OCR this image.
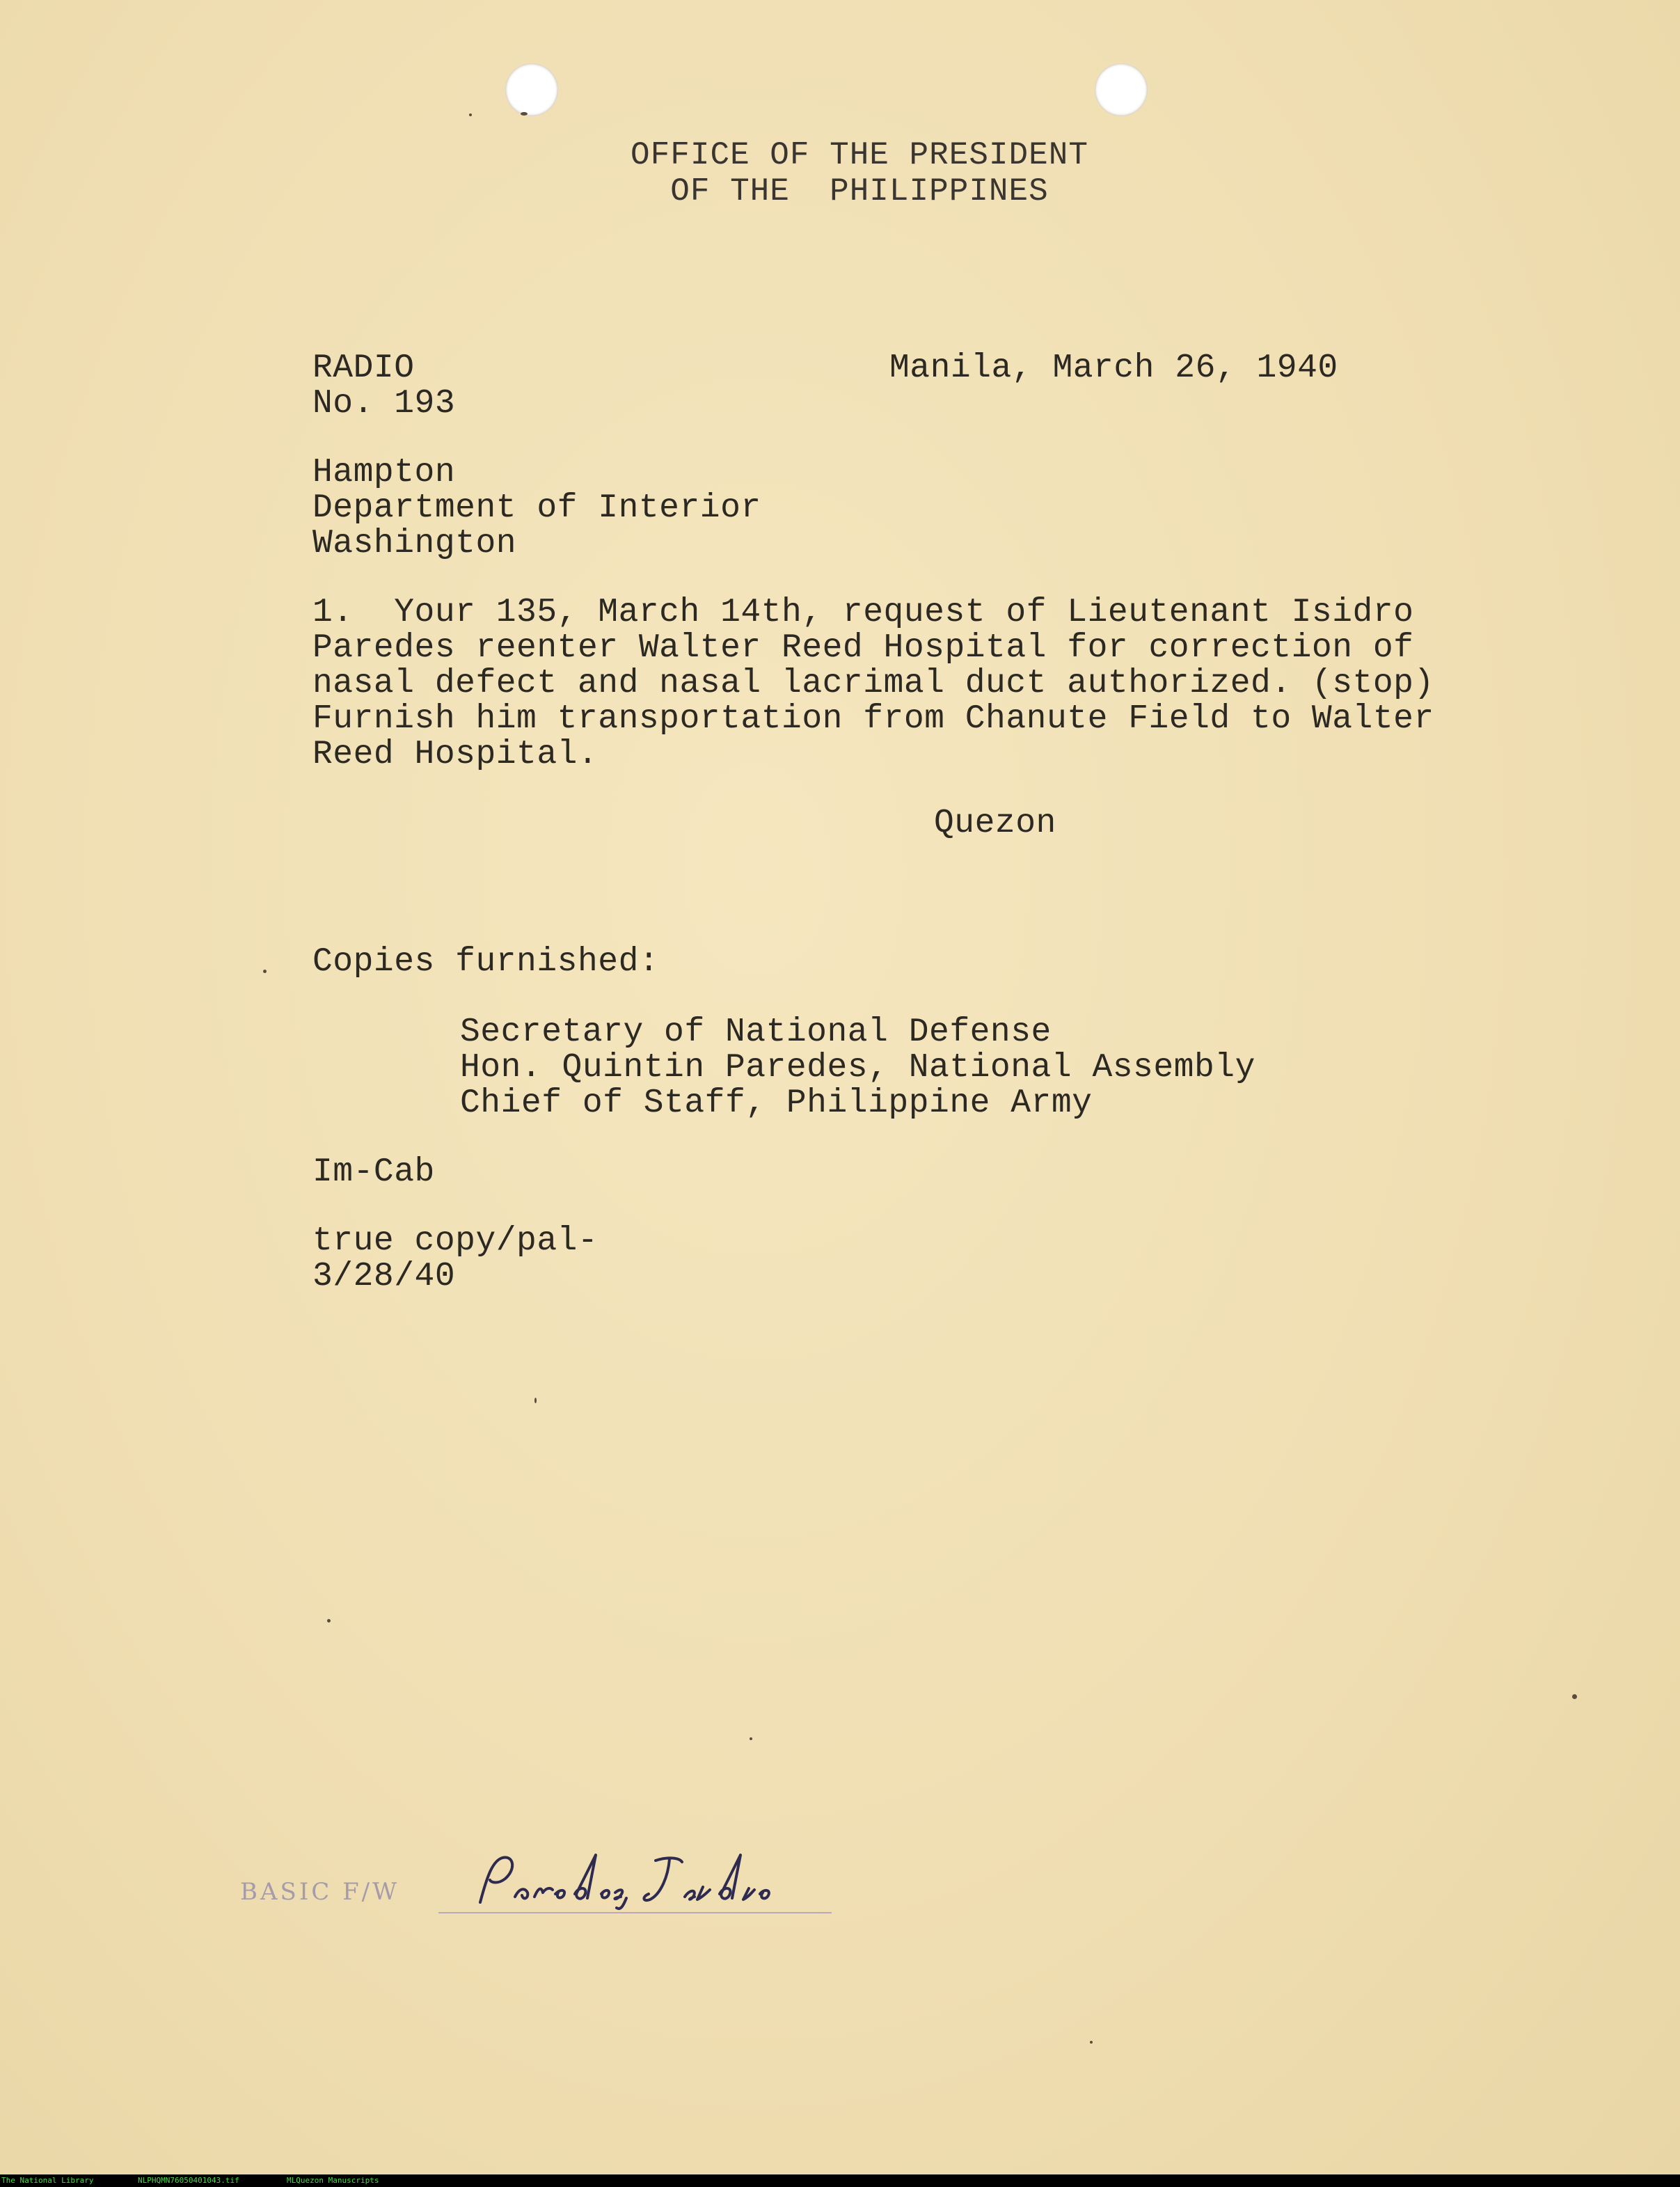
OFFICE OF THE PRESIDENT
OF THE  PHILIPPINES
RADIO
No. 193
Manila, March 26, 1940
Hampton
Department of Interior
Washington
1.  Your 135, March 14th, request of Lieutenant Isidro
Paredes reenter Walter Reed Hospital for correction of
nasal defect and nasal lacrimal duct authorized. (stop)
Furnish him transportation from Chanute Field to Walter
Reed Hospital.
Quezon
Copies furnished:
Secretary of National Defense
Hon. Quintin Paredes, National Assembly
Chief of Staff, Philippine Army
Im-Cab
true copy/pal-
3/28/40
BASIC F/W
The National Library	NLPHQMN76050401043.tif	MLQuezon Manuscripts
